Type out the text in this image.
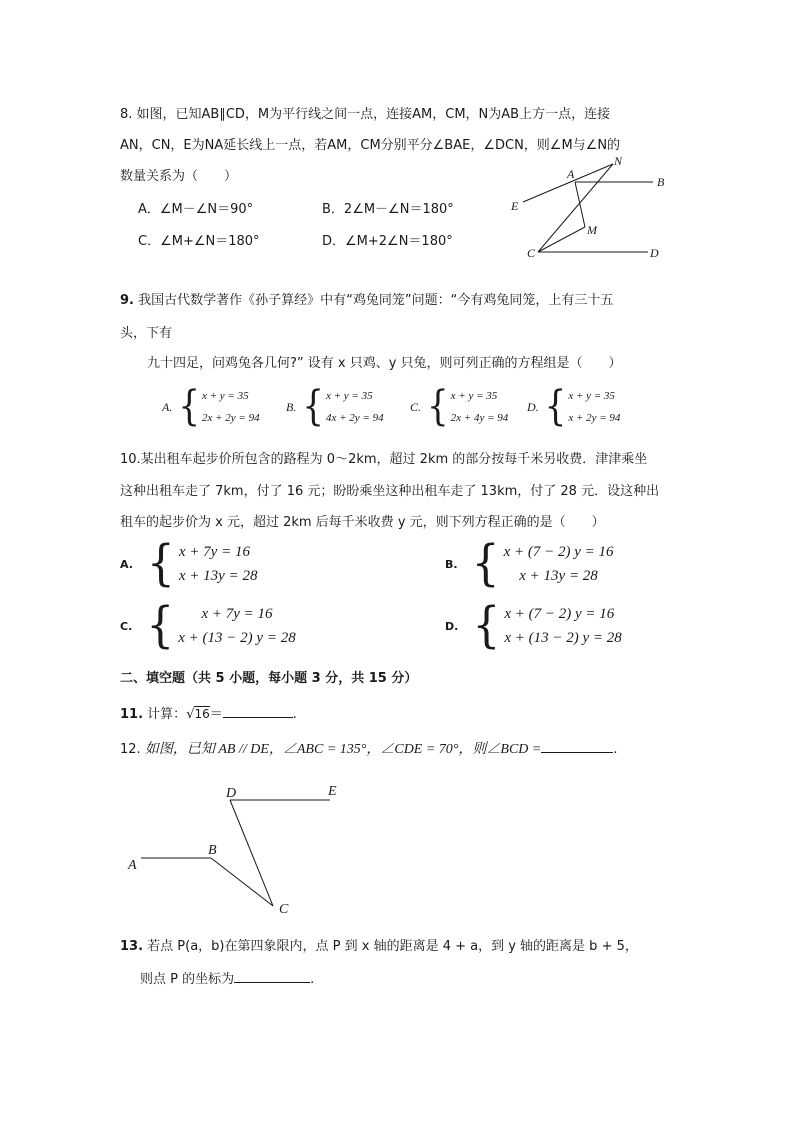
8. 如图，已知AB∥CD，M为平行线之间一点，连接AM，CM，N为AB上方一点，连接
AN，CN，E为NA延长线上一点，若AM，CM分别平分∠BAE，∠DCN，则∠M与∠N的
数量关系为（　　）
A．∠M－∠N＝90°	B．2∠M－∠N＝180°
C．∠M+∠N＝180°	D．∠M+2∠N＝180°
N
A
B
E
M
C	D
9. 我国古代数学著作《孙子算经》中有“鸡兔同笼”问题：“今有鸡兔同笼，上有三十五
头，下有
九十四足，问鸡兔各几何?” 设有 x 只鸡、y 只兔，则可列正确的方程组是（　　）
A. { x + y = 35
2x + 2y = 94
B. { x + y = 35
4x + 2y = 94
C. { x + y = 35
2x + 4y = 94
D. { x + y = 35
x + 2y = 94
10.某出租车起步价所包含的路程为 0～2km，超过 2km 的部分按每千米另收费．津津乘坐
这种出租车走了 7km，付了 16 元；盼盼乘坐这种出租车走了 13km，付了 28 元．设这种出
租车的起步价为 x 元，超过 2km 后每千米收费 y 元，则下列方程正确的是（　　）
A. { x + 7y = 16
x + 13y = 28
B. { x + (7 − 2) y = 16
x + 13y = 28
C. { x + 7y = 16
x + (13 − 2) y = 28
D. { x + (7 − 2) y = 16
x + (13 − 2) y = 28
二、填空题（共 5 小题，每小题 3 分，共 15 分）
11. 计算：√16＝	.
12. 如图，已知 AB // DE，∠ABC = 135°，∠CDE = 70°，则∠BCD =	.
A
B
C
D	E
13. 若点 P(a，b)在第四象限内，点 P 到 x 轴的距离是 4 + a，到 y 轴的距离是 b + 5，
则点 P 的坐标为	.
